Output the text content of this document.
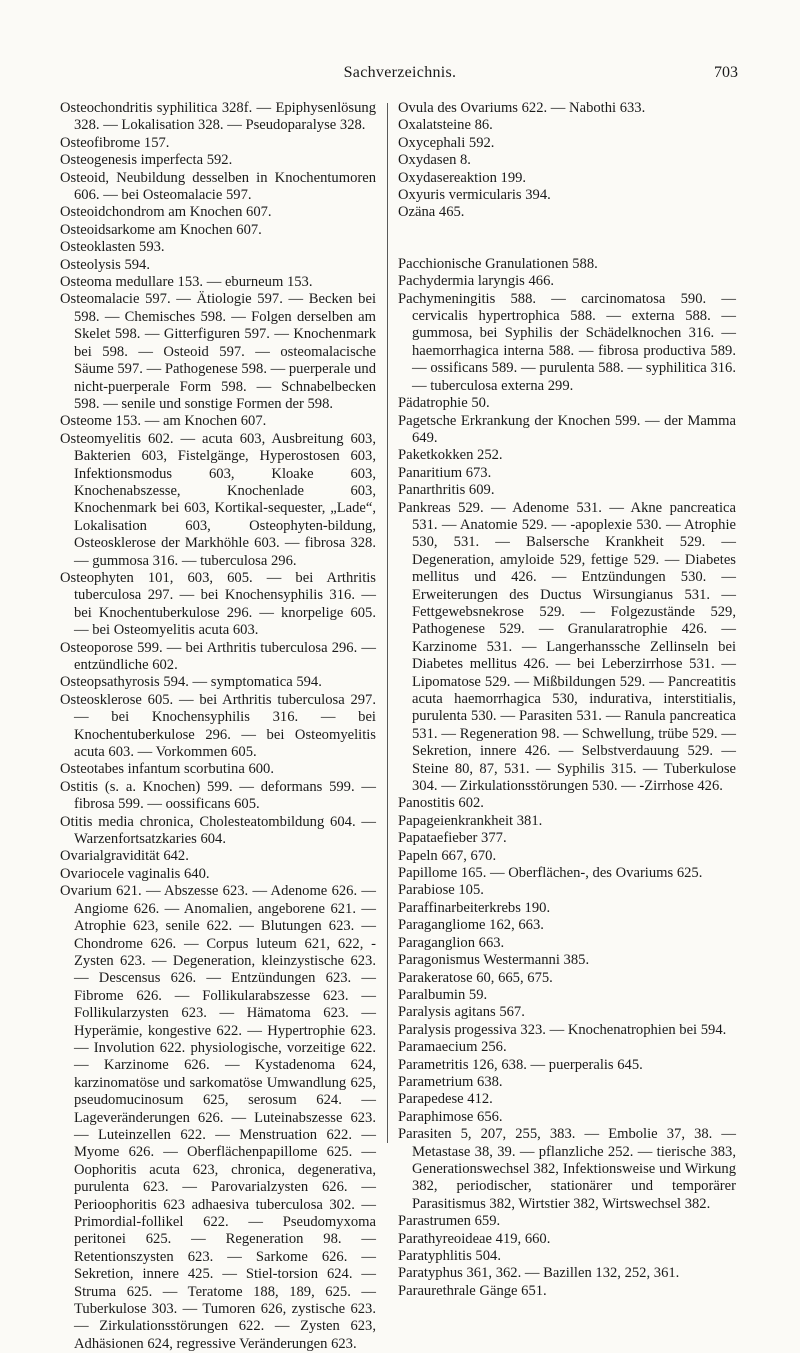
Sachverzeichnis.	703

Osteochondritis syphilitica 328f. — Epiphysenlösung 328. — Lokalisation 328. — Pseudoparalyse 328.

Osteofibrome 157.

Osteogenesis imperfecta 592.

Osteoid, Neubildung desselben in Knochentumoren 606. — bei Osteomalacie 597.

Osteoidchondrom am Knochen 607.

Osteoidsarkome am Knochen 607.

Osteoklasten 593.

Osteolysis 594.

Osteoma medullare 153. — eburneum 153.

Osteomalacie 597. — Ätiologie 597. — Becken bei 598. — Chemisches 598. — Folgen derselben am Skelet 598. — Gitterfiguren 597. — Knochenmark bei 598. — Osteoid 597. — osteomalacische Säume 597. — Pathogenese 598. — puerperale und nicht-puerperale Form 598. — Schnabelbecken 598. — senile und sonstige Formen der 598.

Osteome 153. — am Knochen 607.

Osteomyelitis 602. — acuta 603, Ausbreitung 603, Bakterien 603, Fistelgänge, Hyperostosen 603, Infektionsmodus 603, Kloake 603, Knochenabszesse, Knochenlade 603, Knochenmark bei 603, Kortikal-sequester, „Lade“, Lokalisation 603, Osteophyten-bildung, Osteosklerose der Markhöhle 603. — fibrosa 328. — gummosa 316. — tuberculosa 296.

Osteophyten 101, 603, 605. — bei Arthritis tuberculosa 297. — bei Knochensyphilis 316. — bei Knochentuberkulose 296. — knorpelige 605. — bei Osteomyelitis acuta 603.

Osteoporose 599. — bei Arthritis tuberculosa 296. — entzündliche 602.

Osteopsathyrosis 594. — symptomatica 594.

Osteosklerose 605. — bei Arthritis tuberculosa 297. — bei Knochensyphilis 316. — bei Knochentuberkulose 296. — bei Osteomyelitis acuta 603. — Vorkommen 605.

Osteotabes infantum scorbutina 600.

Ostitis (s. a. Knochen) 599. — deformans 599. — fibrosa 599. — oossificans 605.

Otitis media chronica, Cholesteatombildung 604. — Warzenfortsatzkaries 604.

Ovarialgravidität 642.

Ovariocele vaginalis 640.

Ovarium 621. — Abszesse 623. — Adenome 626. — Angiome 626. — Anomalien, angeborene 621. — Atrophie 623, senile 622. — Blutungen 623. — Chondrome 626. — Corpus luteum 621, 622, -Zysten 623. — Degeneration, kleinzystische 623. — Descensus 626. — Entzündungen 623. — Fibrome 626. — Follikularabszesse 623. — Follikularzysten 623. — Hämatoma 623. — Hyperämie, kongestive 622. — Hypertrophie 623. — Involution 622. physiologische, vorzeitige 622. — Karzinome 626. — Kystadenoma 624, karzinomatöse und sarkomatöse Umwandlung 625, pseudomucinosum 625, serosum 624. — Lageveränderungen 626. — Luteinabszesse 623. — Luteinzellen 622. — Menstruation 622. — Myome 626. — Oberflächenpapillome 625. — Oophoritis acuta 623, chronica, degenerativa, purulenta 623. — Parovarialzysten 626. — Perioophoritis 623 adhaesiva tuberculosa 302. — Primordial-follikel 622. — Pseudomyxoma peritonei 625. — Regeneration 98. — Retentionszysten 623. — Sarkome 626. — Sekretion, innere 425. — Stiel-torsion 624. — Struma 625. — Teratome 188, 189, 625. — Tuberkulose 303. — Tumoren 626, zystische 623. — Zirkulationsstörungen 622. — Zysten 623, Adhäsionen 624, regressive Veränderungen 623.

Ovula des Ovariums 622. — Nabothi 633.

Oxalatsteine 86.

Oxycephali 592.

Oxydasen 8.

Oxydasereaktion 199.

Oxyuris vermicularis 394.

Ozäna 465.

Pacchionische Granulationen 588.

Pachydermia laryngis 466.

Pachymeningitis 588. — carcinomatosa 590. — cervicalis hypertrophica 588. — externa 588. — gummosa, bei Syphilis der Schädelknochen 316. — haemorrhagica interna 588. — fibrosa productiva 589. — ossificans 589. — purulenta 588. — syphilitica 316. — tuberculosa externa 299.

Pädatrophie 50.

Pagetsche Erkrankung der Knochen 599. — der Mamma 649.

Paketkokken 252.

Panaritium 673.

Panarthritis 609.

Pankreas 529. — Adenome 531. — Akne pancreatica 531. — Anatomie 529. — -apoplexie 530. — Atrophie 530, 531. — Balsersche Krankheit 529. — Degeneration, amyloide 529, fettige 529. — Diabetes mellitus und 426. — Entzündungen 530. — Erweiterungen des Ductus Wirsungianus 531. — Fettgewebsnekrose 529. — Folgezustände 529, Pathogenese 529. — Granularatrophie 426. — Karzinome 531. — Langerhanssche Zellinseln bei Diabetes mellitus 426. — bei Leberzirrhose 531. — Lipomatose 529. — Mißbildungen 529. — Pancreatitis acuta haemorrhagica 530, indurativa, interstitialis, purulenta 530. — Parasiten 531. — Ranula pancreatica 531. — Regeneration 98. — Schwellung, trübe 529. — Sekretion, innere 426. — Selbstverdauung 529. — Steine 80, 87, 531. — Syphilis 315. — Tuberkulose 304. — Zirkulationsstörungen 530. — -Zirrhose 426.

Panostitis 602.

Papageienkrankheit 381.

Papataefieber 377.

Papeln 667, 670.

Papillome 165. — Oberflächen-, des Ovariums 625.

Parabiose 105.

Paraffinarbeiterkrebs 190.

Paragangliome 162, 663.

Paraganglion 663.

Paragonismus Westermanni 385.

Parakeratose 60, 665, 675.

Paralbumin 59.

Paralysis agitans 567.

Paralysis progessiva 323. — Knochenatrophien bei 594.

Paramaecium 256.

Parametritis 126, 638. — puerperalis 645.

Parametrium 638.

Parapedese 412.

Paraphimose 656.

Parasiten 5, 207, 255, 383. — Embolie 37, 38. — Metastase 38, 39. — pflanzliche 252. — tierische 383, Generationswechsel 382, Infektionsweise und Wirkung 382, periodischer, stationärer und temporärer Parasitismus 382, Wirtstier 382, Wirtswechsel 382.

Parastrumen 659.

Parathyreoideae 419, 660.

Paratyphlitis 504.

Paratyphus 361, 362. — Bazillen 132, 252, 361.

Paraurethrale Gänge 651.
